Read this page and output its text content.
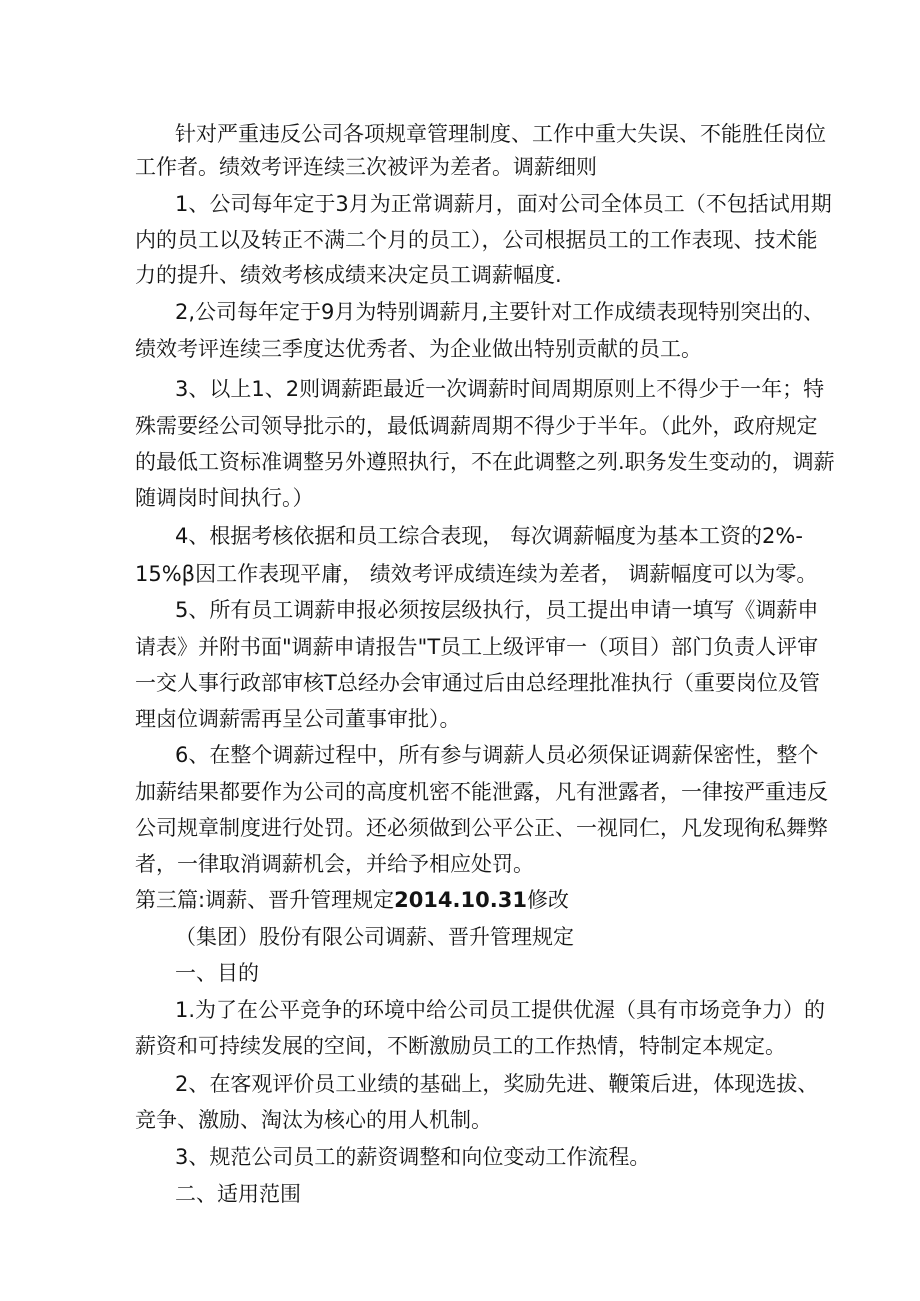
针对严重违反公司各项规章管理制度、工作中重大失误、不能胜任岗位
工作者。绩效考评连续三次被评为差者。调薪细则
1、公司每年定于3月为正常调薪月，面对公司全体员工（不包括试用期
内的员工以及转正不满二个月的员工），公司根据员工的工作表现、技术能
力的提升、绩效考核成绩来决定员工调薪幅度.
2,公司每年定于9月为特别调薪月,主要针对工作成绩表现特别突出的、
绩效考评连续三季度达优秀者、为企业做出特别贡献的员工。
3、以上1、2则调薪距最近一次调薪时间周期原则上不得少于一年；特
殊需要经公司领导批示的，最低调薪周期不得少于半年。（此外，政府规定
的最低工资标准调整另外遵照执行，不在此调整之列.职务发生变动的，调薪
随调岗时间执行。）
4、根据考核依据和员工综合表现， 每次调薪幅度为基本工资的2%-
15%β因工作表现平庸， 绩效考评成绩连续为差者， 调薪幅度可以为零。
5、所有员工调薪申报必须按层级执行，员工提出申请一填写《调薪申
请表》并附书面"调薪申请报告"T员工上级评审一（项目）部门负责人评审
一交人事行政部审核T总经办会审通过后由总经理批准执行（重要岗位及管
理卤位调薪需再呈公司董事审批）。
6、在整个调薪过程中，所有参与调薪人员必须保证调薪保密性，整个
加薪结果都要作为公司的高度机密不能泄露，凡有泄露者，一律按严重违反
公司规章制度进行处罚。还必须做到公平公正、一视同仁，凡发现徇私舞弊
者，一律取消调薪机会，并给予相应处罚。
第三篇:调薪、晋升管理规定2014.10.31修改
（集团）股份有限公司调薪、晋升管理规定
一、目的
1.为了在公平竞争的环境中给公司员工提供优渥（具有市场竞争力）的
薪资和可持续发展的空间，不断激励员工的工作热情，特制定本规定。
2、在客观评价员工业绩的基础上，奖励先进、鞭策后进，体现选拔、
竞争、激励、淘汰为核心的用人机制。
3、规范公司员工的薪资调整和向位变动工作流程。
二、适用范围
